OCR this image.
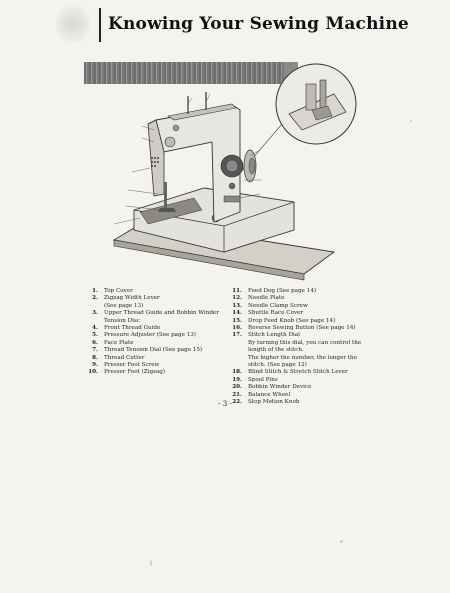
Knowing Your Sewing Machine
1. Top Cover
2. Zigzag Width Lever
(See page 13)
3. Upper Thread Guide and Bobbin Winder
Tension Disc
4. Front Thread Guide
5. Pressure Adjuster (See page 13)
6. Face Plate
7. Thread Tension Dial (See page 15)
8. Thread Cutter
9. Presser Foot Screw
10. Presser Foot (Zigzag)
11. Feed Dog (See page 14)
12. Needle Plate
13. Needle Clamp Screw
14. Shuttle Race Cover
15. Drop Feed Knob (See page 14)
16. Reverse Sewing Button (See page 14)
17. Stitch Length Dial
By turning this dial, you can control the
length of the stitch.
The higher the number, the longer the
stitch. (See page 12)
18. Blind Stitch & Stretch Stitch Lever
19. Spool Pins
20. Bobbin Winder Device
21. Balance Wheel
22. Stop Motion Knob
- 3 -
